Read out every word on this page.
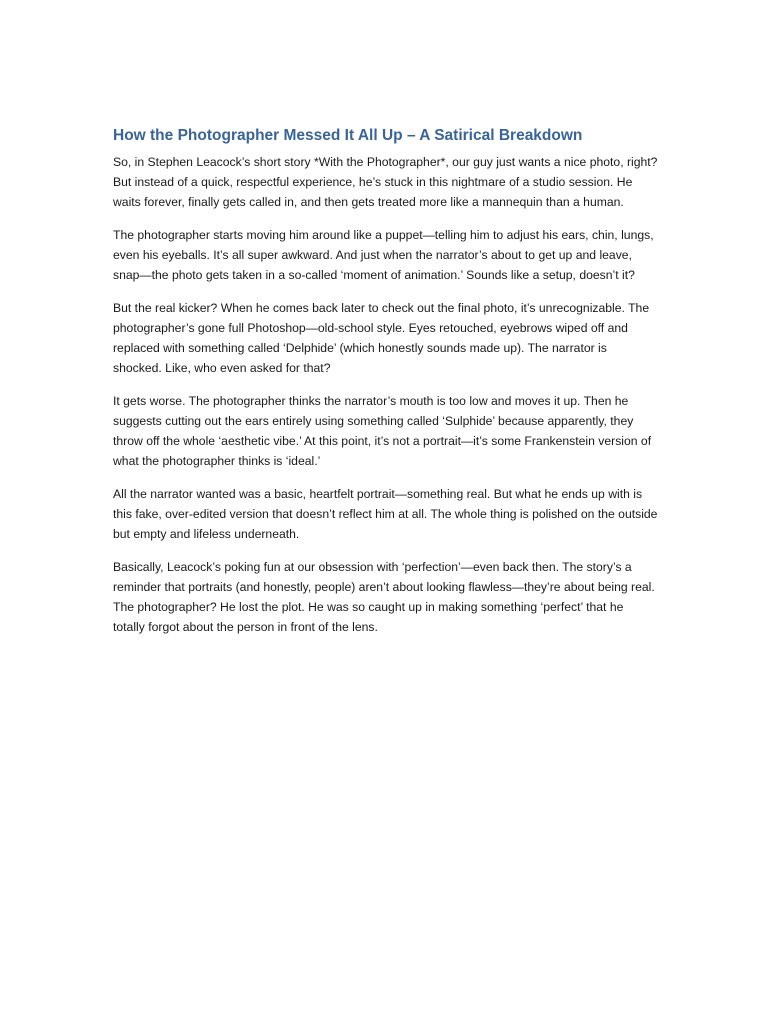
How the Photographer Messed It All Up – A Satirical Breakdown

So, in Stephen Leacock’s short story *With the Photographer*, our guy just wants a nice photo, right? But instead of a quick, respectful experience, he’s stuck in this nightmare of a studio session. He waits forever, finally gets called in, and then gets treated more like a mannequin than a human.

The photographer starts moving him around like a puppet—telling him to adjust his ears, chin, lungs, even his eyeballs. It’s all super awkward. And just when the narrator’s about to get up and leave, snap—the photo gets taken in a so-called ‘moment of animation.’ Sounds like a setup, doesn’t it?

But the real kicker? When he comes back later to check out the final photo, it’s unrecognizable. The photographer’s gone full Photoshop—old-school style. Eyes retouched, eyebrows wiped off and replaced with something called ‘Delphide’ (which honestly sounds made up). The narrator is shocked. Like, who even asked for that?

It gets worse. The photographer thinks the narrator’s mouth is too low and moves it up. Then he suggests cutting out the ears entirely using something called ‘Sulphide’ because apparently, they throw off the whole ‘aesthetic vibe.’ At this point, it’s not a portrait—it’s some Frankenstein version of what the photographer thinks is ‘ideal.’

All the narrator wanted was a basic, heartfelt portrait—something real. But what he ends up with is this fake, over-edited version that doesn’t reflect him at all. The whole thing is polished on the outside but empty and lifeless underneath.

Basically, Leacock’s poking fun at our obsession with ‘perfection’—even back then. The story’s a reminder that portraits (and honestly, people) aren’t about looking flawless—they’re about being real. The photographer? He lost the plot. He was so caught up in making something ‘perfect’ that he totally forgot about the person in front of the lens.
